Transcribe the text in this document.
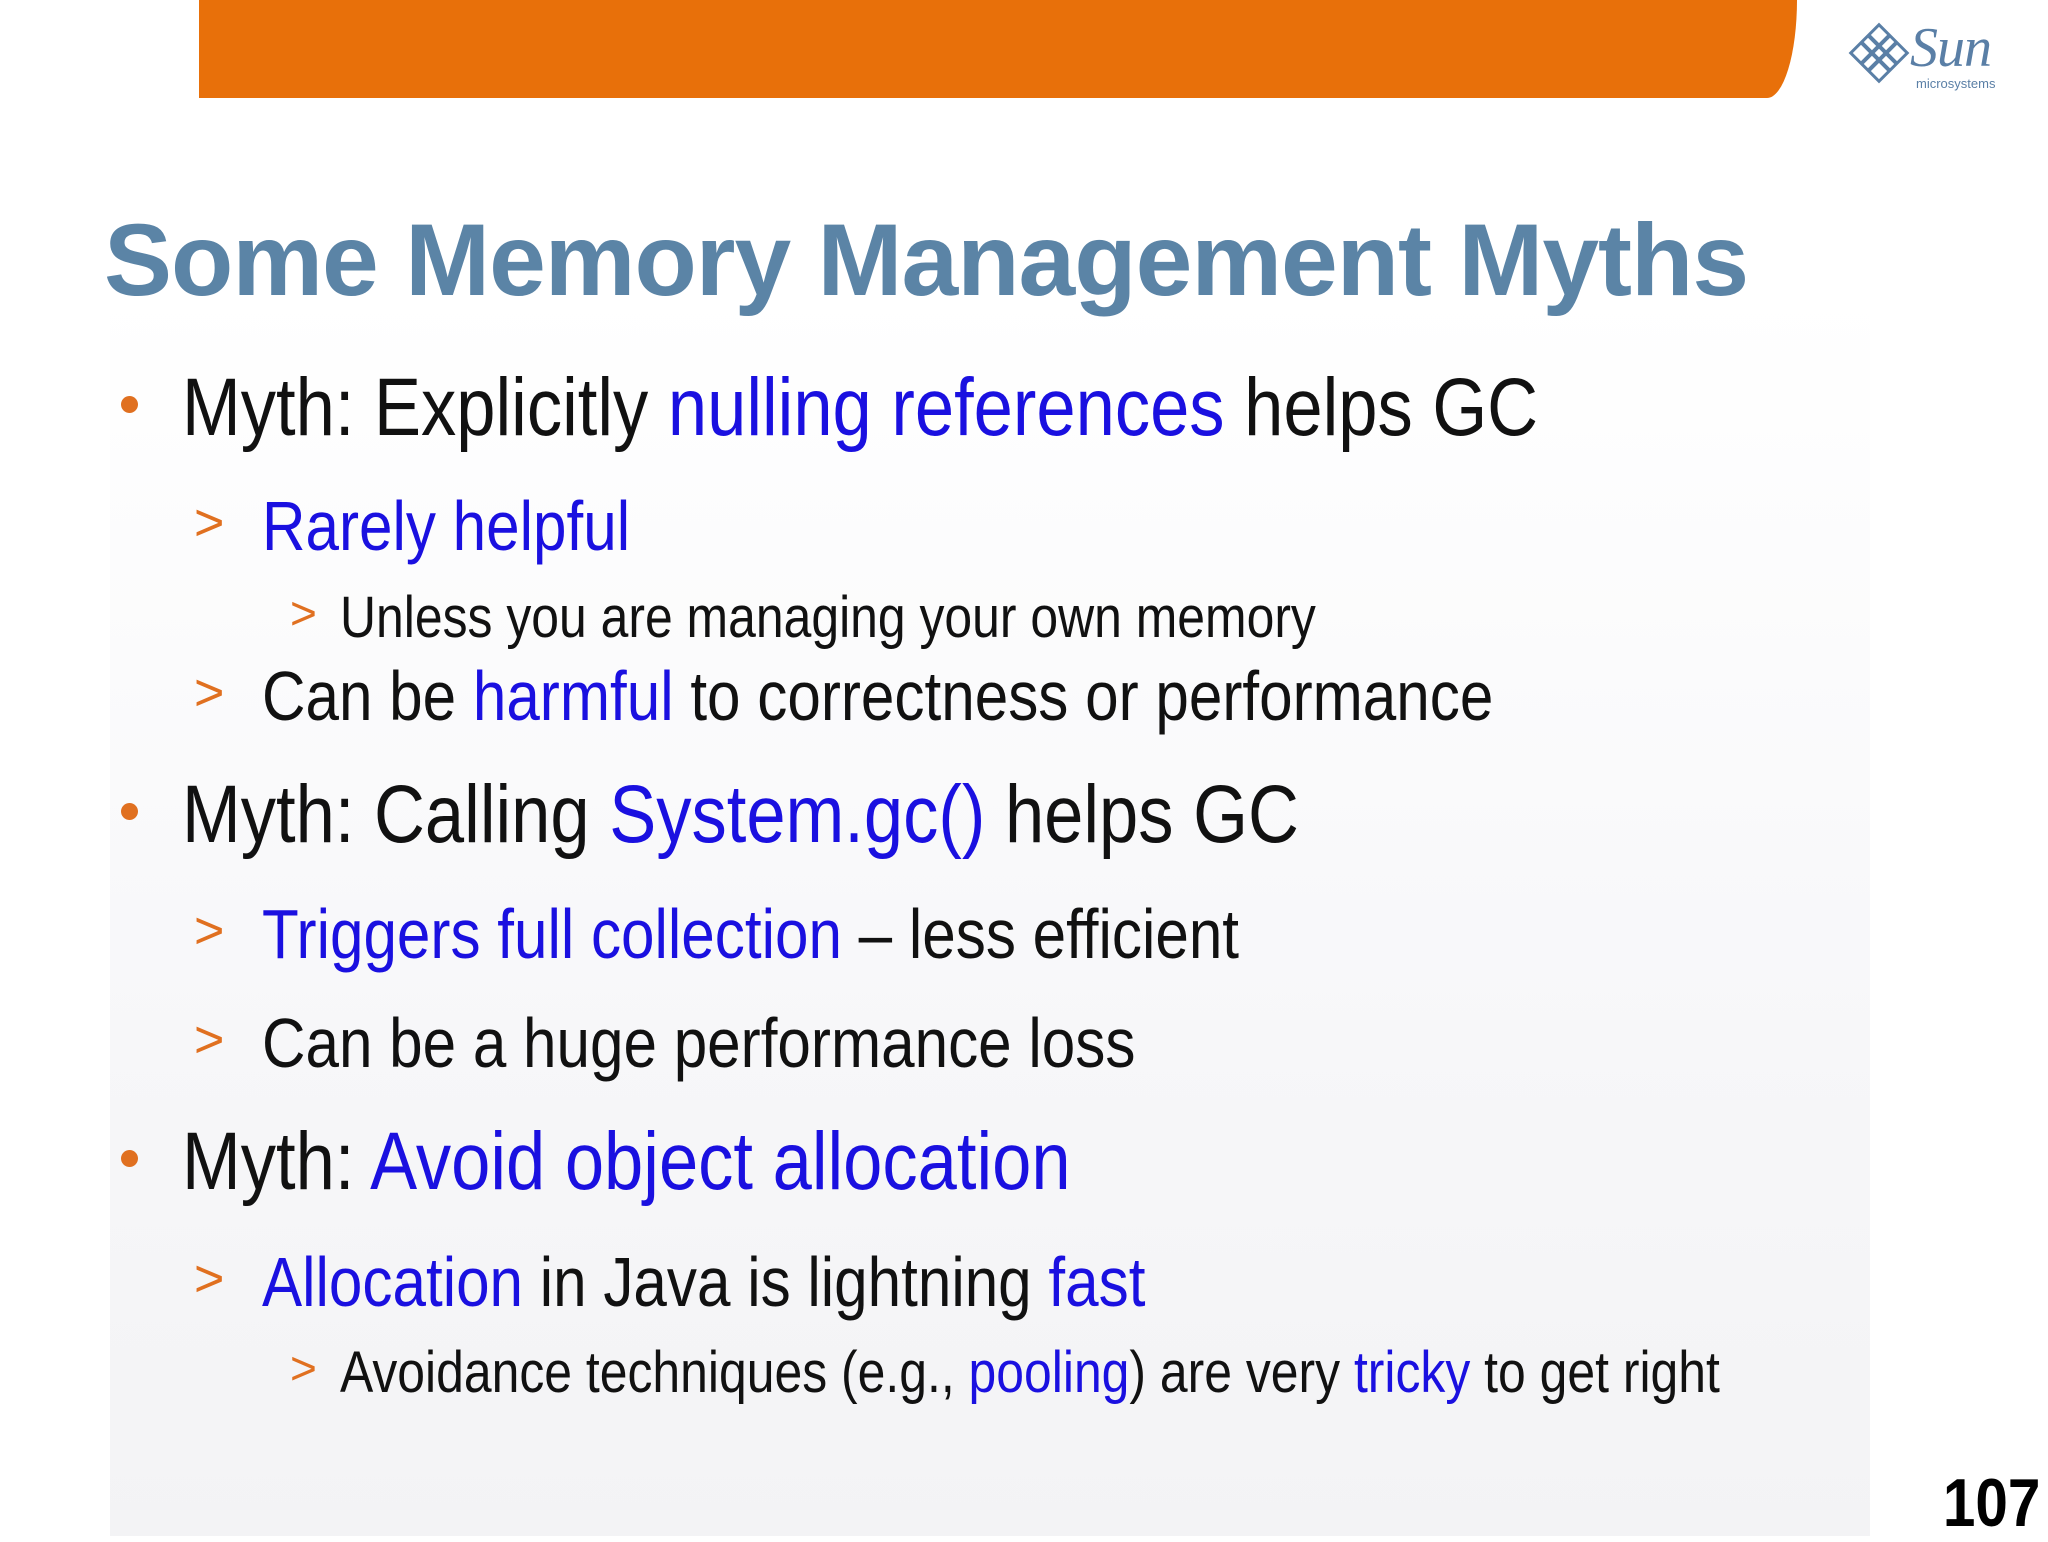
Sun
microsystems
Some Memory Management Myths
Myth: Explicitly nulling references helps GC
> Rarely helpful
> Unless you are managing your own memory
> Can be harmful to correctness or performance
Myth: Calling System.gc() helps GC
> Triggers full collection – less efficient
> Can be a huge performance loss
Myth: Avoid object allocation
> Allocation in Java is lightning fast
> Avoidance techniques (e.g., pooling) are very tricky to get right
107
